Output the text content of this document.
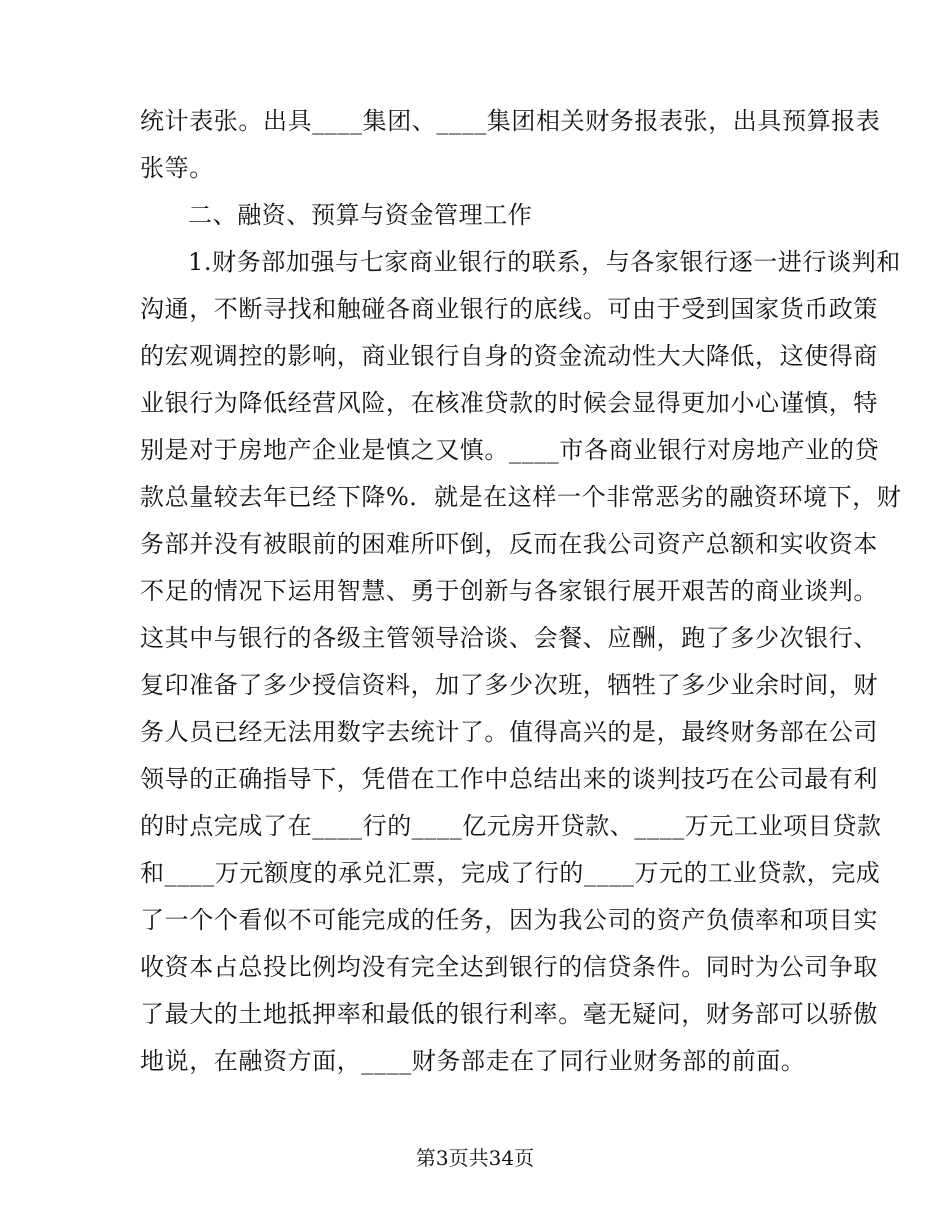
统计表张。出具____集团、____集团相关财务报表张，出具预算报表
张等。
二、融资、预算与资金管理工作
1.财务部加强与七家商业银行的联系，与各家银行逐一进行谈判和
沟通，不断寻找和触碰各商业银行的底线。可由于受到国家货币政策
的宏观调控的影响，商业银行自身的资金流动性大大降低，这使得商
业银行为降低经营风险，在核准贷款的时候会显得更加小心谨慎，特
别是对于房地产企业是慎之又慎。____市各商业银行对房地产业的贷
款总量较去年已经下降%．就是在这样一个非常恶劣的融资环境下，财
务部并没有被眼前的困难所吓倒，反而在我公司资产总额和实收资本
不足的情况下运用智慧、勇于创新与各家银行展开艰苦的商业谈判。
这其中与银行的各级主管领导洽谈、会餐、应酬，跑了多少次银行、
复印准备了多少授信资料，加了多少次班，牺牲了多少业余时间，财
务人员已经无法用数字去统计了。值得高兴的是，最终财务部在公司
领导的正确指导下，凭借在工作中总结出来的谈判技巧在公司最有利
的时点完成了在____行的____亿元房开贷款、____万元工业项目贷款
和____万元额度的承兑汇票，完成了行的____万元的工业贷款，完成
了一个个看似不可能完成的任务，因为我公司的资产负债率和项目实
收资本占总投比例均没有完全达到银行的信贷条件。同时为公司争取
了最大的土地抵押率和最低的银行利率。毫无疑问，财务部可以骄傲
地说，在融资方面，____财务部走在了同行业财务部的前面。
第3页共34页
